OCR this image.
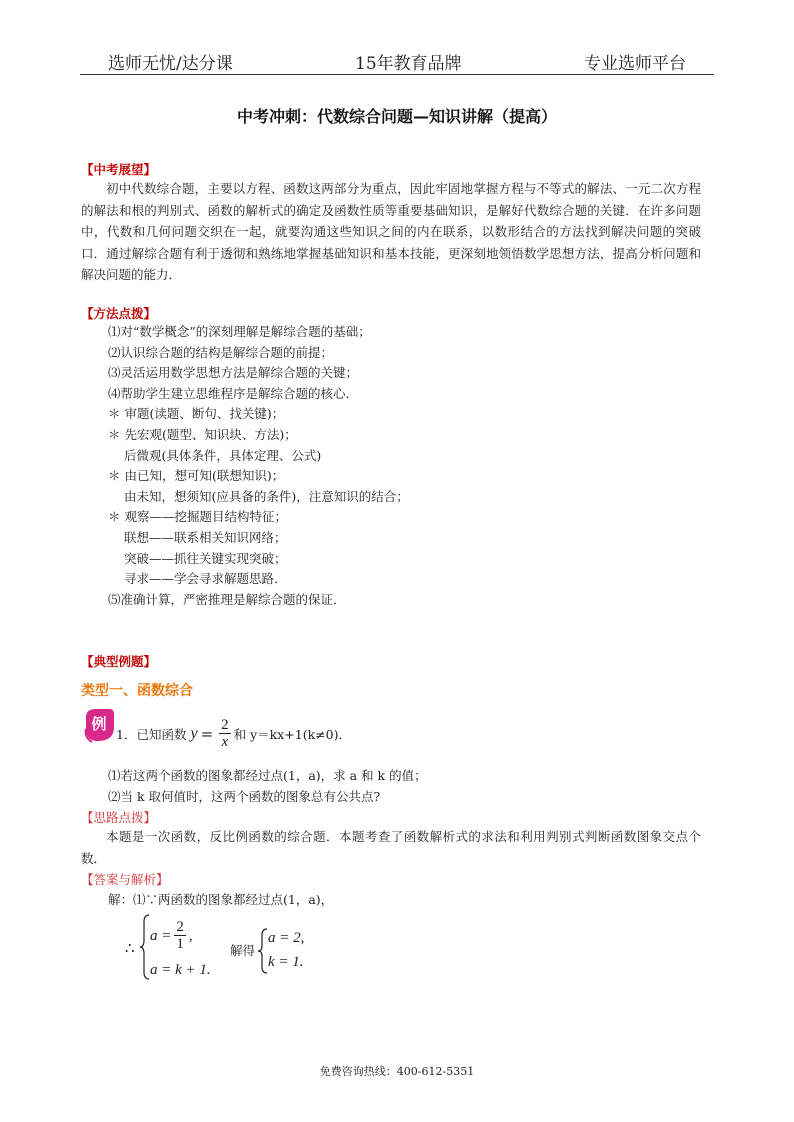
选师无忧/达分课	15年教育品牌	专业选师平台
中考冲刺：代数综合问题—知识讲解（提高）
【中考展望】
初中代数综合题，主要以方程、函数这两部分为重点，因此牢固地掌握方程与不等式的解法、一元二次方程的解法和根的判别式、函数的解析式的确定及函数性质等重要基础知识，是解好代数综合题的关键．在许多问题中，代数和几何问题交织在一起，就要沟通这些知识之间的内在联系，以数形结合的方法找到解决问题的突破口．通过解综合题有利于透彻和熟练地掌握基础知识和基本技能，更深刻地领悟数学思想方法，提高分析问题和解决问题的能力．
【方法点拨】
⑴对“数学概念”的深刻理解是解综合题的基础；
⑵认识综合题的结构是解综合题的前提；
⑶灵活运用数学思想方法是解综合题的关键；
⑷帮助学生建立思维程序是解综合题的核心．
＊ 审题(读题、断句、找关键)；
＊ 先宏观(题型、知识块、方法)；
后微观(具体条件，具体定理、公式)
＊ 由已知，想可知(联想知识)；
由未知，想须知(应具备的条件)，注意知识的结合；
＊ 观察——挖掘题目结构特征；
联想——联系相关知识网络；
突破——抓往关键实现突破；
寻求——学会寻求解题思路．
⑸准确计算，严密推理是解综合题的保证．
【典型例题】
类型一、函数综合
例
1．已知函数 $y = \frac{2}{x}$ 和 y＝kx+1(k≠0)．
⑴若这两个函数的图象都经过点(1，a)，求 a 和 k 的值；
⑵当 k 取何值时，这两个函数的图象总有公共点?
【思路点拨】
本题是一次函数，反比例函数的综合题．本题考查了函数解析式的求法和利用判别式判断函数图象交点个数．
【答案与解析】
解：⑴∵两函数的图象都经过点(1，a)，
∴
$a = \frac{2}{1}$ ,
a = k + 1.
解得
a = 2,
k = 1.
免费咨询热线：400-612-5351
